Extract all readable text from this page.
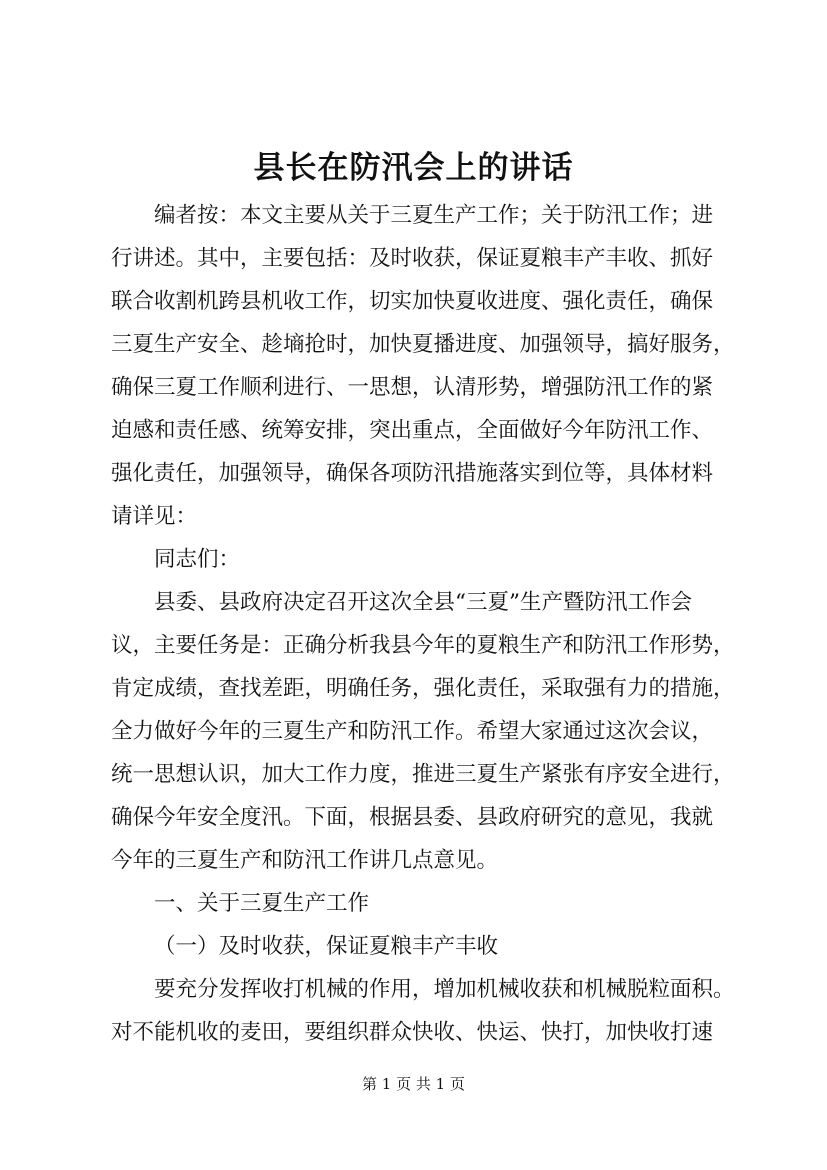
县长在防汛会上的讲话
编者按：本文主要从关于三夏生产工作；关于防汛工作；进
行讲述。其中，主要包括：及时收获，保证夏粮丰产丰收、抓好
联合收割机跨县机收工作，切实加快夏收进度、强化责任，确保
三夏生产安全、趁墒抢时，加快夏播进度、加强领导，搞好服务，
确保三夏工作顺利进行、一思想，认清形势，增强防汛工作的紧
迫感和责任感、统筹安排，突出重点，全面做好今年防汛工作、
强化责任，加强领导，确保各项防汛措施落实到位等，具体材料
请详见：
同志们：
县委、县政府决定召开这次全县“三夏”生产暨防汛工作会
议，主要任务是：正确分析我县今年的夏粮生产和防汛工作形势，
肯定成绩，查找差距，明确任务，强化责任，采取强有力的措施，
全力做好今年的三夏生产和防汛工作。希望大家通过这次会议，
统一思想认识，加大工作力度，推进三夏生产紧张有序安全进行，
确保今年安全度汛。下面，根据县委、县政府研究的意见，我就
今年的三夏生产和防汛工作讲几点意见。
一、关于三夏生产工作
（一）及时收获，保证夏粮丰产丰收
要充分发挥收打机械的作用，增加机械收获和机械脱粒面积。
对不能机收的麦田，要组织群众快收、快运、快打，加快收打速
第 1 页 共 1 页
